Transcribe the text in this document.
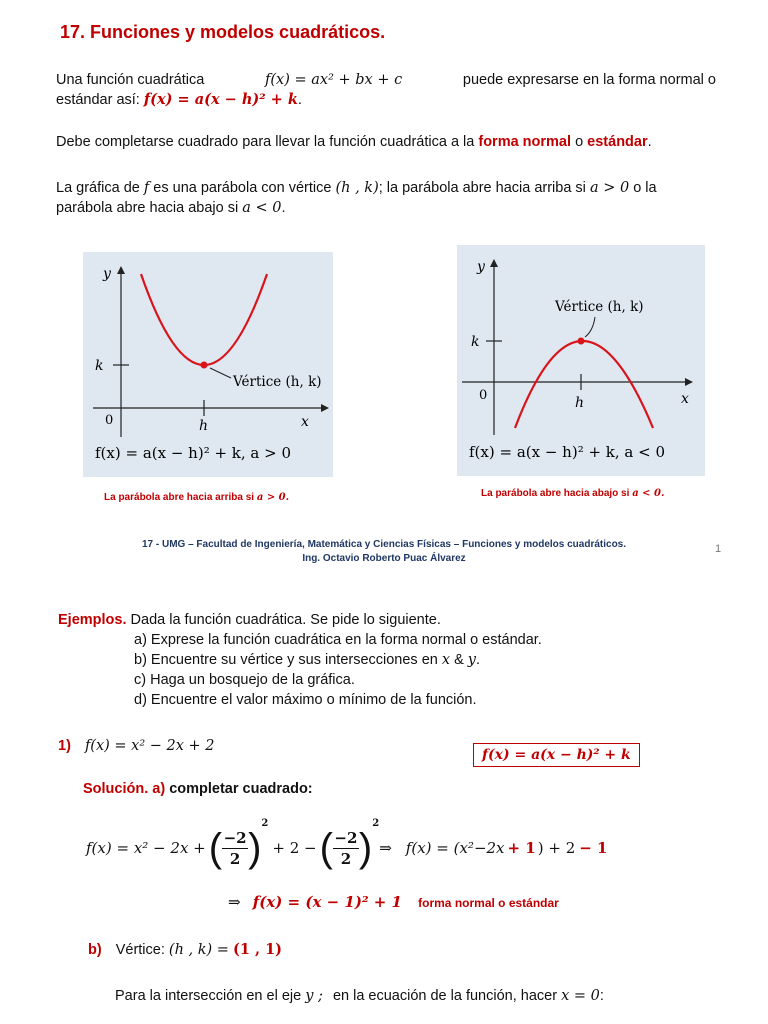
17. Funciones y modelos cuadráticos.
Una función cuadrática	f(x) = ax² + bx + c	puede expresarse en la forma normal o
estándar así: f(x) = a(x − h)² + k.
Debe completarse cuadrado para llevar la función cuadrática a la forma normal o estándar.
La gráfica de f es una parábola con vértice (h , k); la parábola abre hacia arriba si a > 0 o la
parábola abre hacia abajo si a < 0.
y
x
k
0	h
Vértice (h, k)
f(x) = a(x − h)² + k, a > 0
La parábola abre hacia arriba si a > 0.
y
x
k
0	h
Vértice (h, k)
f(x) = a(x − h)² + k, a < 0
La parábola abre hacia abajo si a < 0.
17 - UMG – Facultad de Ingeniería, Matemática y Ciencias Físicas – Funciones y modelos cuadráticos.
Ing. Octavio Roberto Puac Álvarez
1
Ejemplos. Dada la función cuadrática. Se pide lo siguiente.
a) Exprese la función cuadrática en la forma normal o estándar.
b) Encuentre su vértice y sus intersecciones en x & y.
c) Haga un bosquejo de la gráfica.
d) Encuentre el valor máximo o mínimo de la función.
1) f(x) = x² − 2x + 2
f(x) = a(x − h)² + k
Solución. a) completar cuadrado:
f(x) = x² − 2x + ( −2
2 )
2
+ 2 − ( −2
2 )
2
⇒ f(x) = (x²−2x + 1 ) + 2 − 1
⇒ f(x) = (x − 1)² + 1 forma normal o estándar
b) Vértice: (h , k) = (1 , 1)
Para la intersección en el eje y ; en la ecuación de la función, hacer x = 0:
